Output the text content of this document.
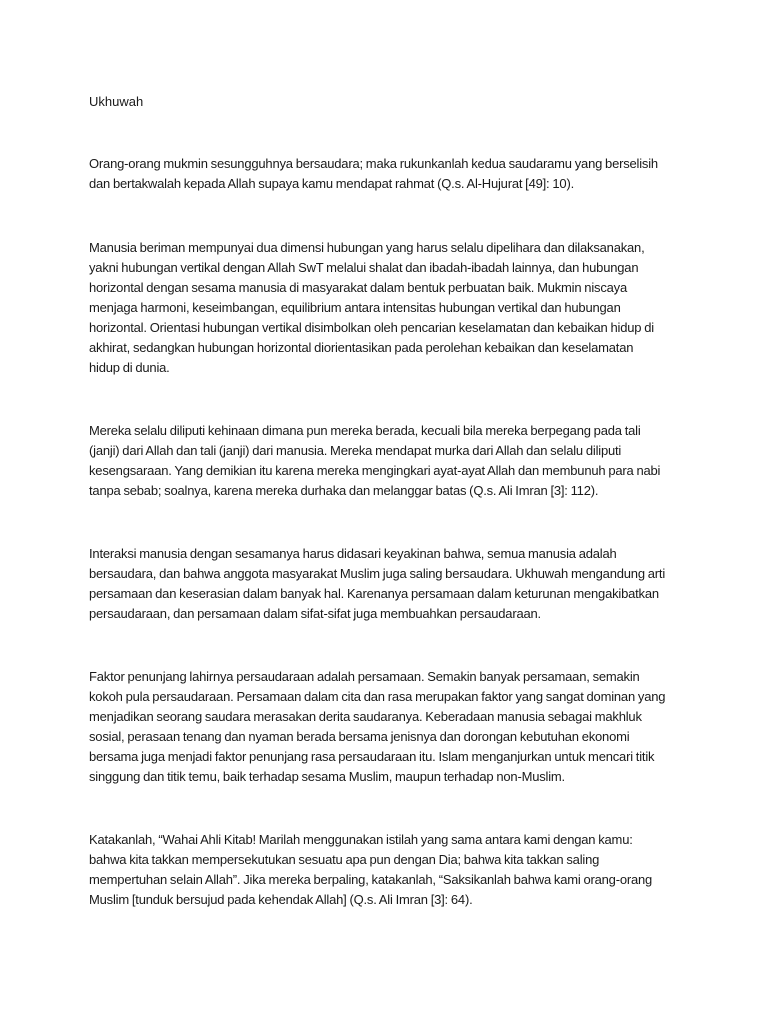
Ukhuwah

Orang-orang mukmin sesungguhnya bersaudara; maka rukunkanlah kedua saudaramu yang berselisih
dan bertakwalah kepada Allah supaya kamu mendapat rahmat (Q.s. Al-Hujurat [49]: 10).

Manusia beriman mempunyai dua dimensi hubungan yang harus selalu dipelihara dan dilaksanakan,
yakni hubungan vertikal dengan Allah SwT melalui shalat dan ibadah-ibadah lainnya, dan hubungan
horizontal dengan sesama manusia di masyarakat dalam bentuk perbuatan baik. Mukmin niscaya
menjaga harmoni, keseimbangan, equilibrium antara intensitas hubungan vertikal dan hubungan
horizontal. Orientasi hubungan vertikal disimbolkan oleh pencarian keselamatan dan kebaikan hidup di
akhirat, sedangkan hubungan horizontal diorientasikan pada perolehan kebaikan dan keselamatan
hidup di dunia.

Mereka selalu diliputi kehinaan dimana pun mereka berada, kecuali bila mereka berpegang pada tali
(janji) dari Allah dan tali (janji) dari manusia. Mereka mendapat murka dari Allah dan selalu diliputi
kesengsaraan. Yang demikian itu karena mereka mengingkari ayat-ayat Allah dan membunuh para nabi
tanpa sebab; soalnya, karena mereka durhaka dan melanggar batas (Q.s. Ali Imran [3]: 112).

Interaksi manusia dengan sesamanya harus didasari keyakinan bahwa, semua manusia adalah
bersaudara, dan bahwa anggota masyarakat Muslim juga saling bersaudara. Ukhuwah mengandung arti
persamaan dan keserasian dalam banyak hal. Karenanya persamaan dalam keturunan mengakibatkan
persaudaraan, dan persamaan dalam sifat-sifat juga membuahkan persaudaraan.

Faktor penunjang lahirnya persaudaraan adalah persamaan. Semakin banyak persamaan, semakin
kokoh pula persaudaraan. Persamaan dalam cita dan rasa merupakan faktor yang sangat dominan yang
menjadikan seorang saudara merasakan derita saudaranya. Keberadaan manusia sebagai makhluk
sosial, perasaan tenang dan nyaman berada bersama jenisnya dan dorongan kebutuhan ekonomi
bersama juga menjadi faktor penunjang rasa persaudaraan itu. Islam menganjurkan untuk mencari titik
singgung dan titik temu, baik terhadap sesama Muslim, maupun terhadap non-Muslim.

Katakanlah, “Wahai Ahli Kitab! Marilah menggunakan istilah yang sama antara kami dengan kamu:
bahwa kita takkan mempersekutukan sesuatu apa pun dengan Dia; bahwa kita takkan saling
mempertuhan selain Allah”. Jika mereka berpaling, katakanlah, “Saksikanlah bahwa kami orang-orang
Muslim [tunduk bersujud pada kehendak Allah] (Q.s. Ali Imran [3]: 64).
